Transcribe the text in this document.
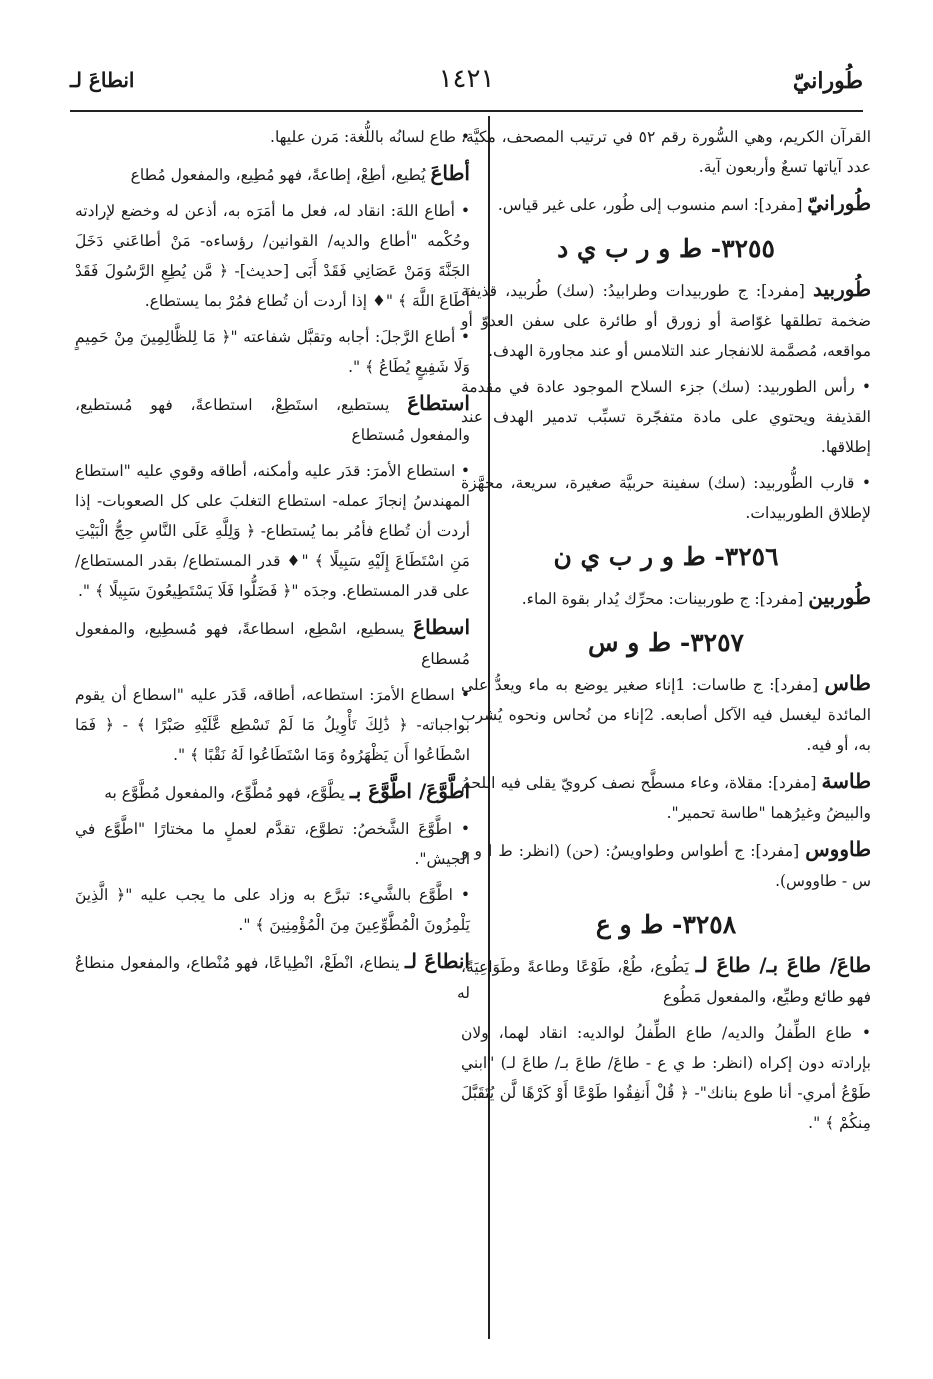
طُورانيّ
١٤٢١
انطاعَ لـ
القرآن الكريم، وهي السُّورة رقم ٥٢ في ترتيب المصحف، مكيَّة، عدد آياتها تسعٌ وأربعون آية.
طُورانيّ [مفرد]: اسم منسوب إلى طُور، على غير قياس.
٣٢٥٥- ط و ر ب ي د
طُوربيد [مفرد]: ج طوربيدات وطرابيدُ: (سك) طُربيد، قذيفة ضخمة تطلقها غوّاصة أو زورق أو طائرة على سفن العدوّ أو مواقعه، مُصمَّمة للانفجار عند التلامس أو عند مجاورة الهدف.
• رأس الطوربيد: (سك) جزء السلاح الموجود عادة في مقدمة القذيفة ويحتوي على مادة متفجّرة تسبِّب تدمير الهدف عند إطلاقها.
• قارب الطُّوربيد: (سك) سفينة حربيَّة صغيرة، سريعة، مجهَّزة لإطلاق الطوربيدات.
٣٢٥٦- ط و ر ب ي ن
طُوربين [مفرد]: ج طوربينات: محرِّك يُدار بقوة الماء.
٣٢٥٧- ط و س
طاس [مفرد]: ج طاسات: 1إناء صغير يوضع به ماء ويعدُّ على المائدة ليغسل فيه الآكل أصابعه. 2إناء من نُحاس ونحوه يُشرب به، أو فيه.
طاسة [مفرد]: مقلاة، وعاء مسطَّح نصف كرويّ يقلى فيه اللحمُ والبيضُ وغيرُهما "طاسة تحمير".
طاووس [مفرد]: ج أطواس وطواويسُ: (حن) (انظر: ط ا و و س - طاووس).
٣٢٥٨- ط و ع
طاعَ/ طاعَ بـ/ طاعَ لـ يَطُوع، طُعْ، طَوْعًا وطاعةً وطَوَاعِيَةً، فهو طائع وطيِّع، والمفعول مَطُوع
• طاع الطِّفلُ والديه/ طاع الطِّفلُ لوالديه: انقاد لهما، ولان بإرادته دون إكراه (انظر: ط ي ع - طاعَ/ طاعَ بـ/ طاعَ لـ) "ابني طَوْعُ أمري- أنا طوع بنانك"- ﴿ قُلْ أَنفِقُوا طَوْعًا أَوْ كَرْهًا لَّن يُتَقَبَّلَ مِنكُمْ ﴾ ".
• طاع لسانُه باللُّغة: مَرن عليها.
أطاعَ يُطيع، أطِعْ، إطاعةً، فهو مُطِيع، والمفعول مُطاع
• أطاع اللهَ: انقاد له، فعل ما أمَرَه به، أذعن له وخضع لإرادته وحُكْمه "أطاع والديه/ القوانين/ رؤساءه- مَنْ أطاعَني دَخَلَ الجَنَّةَ وَمَنْ عَصَانِي فَقَدْ أَبَى [حديث]- ﴿ مَّن يُطِعِ الرَّسُولَ فَقَدْ أَطَاعَ اللَّهَ ﴾ "♦ إذا أردت أن تُطاع فمُرْ بما يستطاع.
• أطاع الرَّجلَ: أجابه وتقبَّل شفاعته "﴿ مَا لِلظَّالِمِينَ مِنْ حَمِيمٍ وَلَا شَفِيعٍ يُطَاعُ ﴾ ".
استطاعَ يستطيع، استَطِعْ، استطاعةً، فهو مُستطيع، والمفعول مُستطاع
• استطاع الأمرَ: قدَر عليه وأمكنه، أطاقه وقوي عليه "استطاع المهندسُ إنجازَ عمله- استطاع التغلبَ على كل الصعوبات- إذا أردت أن تُطاع فأمُر بما يُستطاع- ﴿ وَلِلَّهِ عَلَى النَّاسِ حِجُّ الْبَيْتِ مَنِ اسْتَطَاعَ إِلَيْهِ سَبِيلًا ﴾ "♦ قدر المستطاع/ بقدر المستطاع/ على قدر المستطاع. وجدَه "﴿ فَضَلُّوا فَلَا يَسْتَطِيعُونَ سَبِيلًا ﴾ ".
اسطاعَ يسطيع، اسْطِع، اسطاعةً، فهو مُسطِيع، والمفعول مُسطاع
• اسطاع الأمرَ: استطاعه، أطاقه، قَدَر عليه "اسطاع أن يقوم بواجباته- ﴿ ذَٰلِكَ تَأْوِيلُ مَا لَمْ تَسْطِع عَّلَيْهِ صَبْرًا ﴾ - ﴿ فَمَا اسْطَاعُوا أَن يَظْهَرُوهُ وَمَا اسْتَطَاعُوا لَهُ نَقْبًا ﴾ ".
اطَّوَّعَ/ اطَّوَّعَ بـ يطَّوَّع، فهو مُطَّوِّع، والمفعول مُطَّوَّع به
• اطَّوَّعَ الشَّخصُ: تطوَّع، تقدَّم لعملٍ ما مختارًا "اطَّوَّع في الجيش".
• اطَّوَّع بالشَّيء: تبرَّع به وزاد على ما يجب عليه "﴿ الَّذِينَ يَلْمِزُونَ الْمُطَّوِّعِينَ مِنَ الْمُؤْمِنِينَ ﴾ ".
انطاعَ لـ ينطاع، انْطَعْ، انْطِياعًا، فهو مُنْطاع، والمفعول منطاعٌ له
